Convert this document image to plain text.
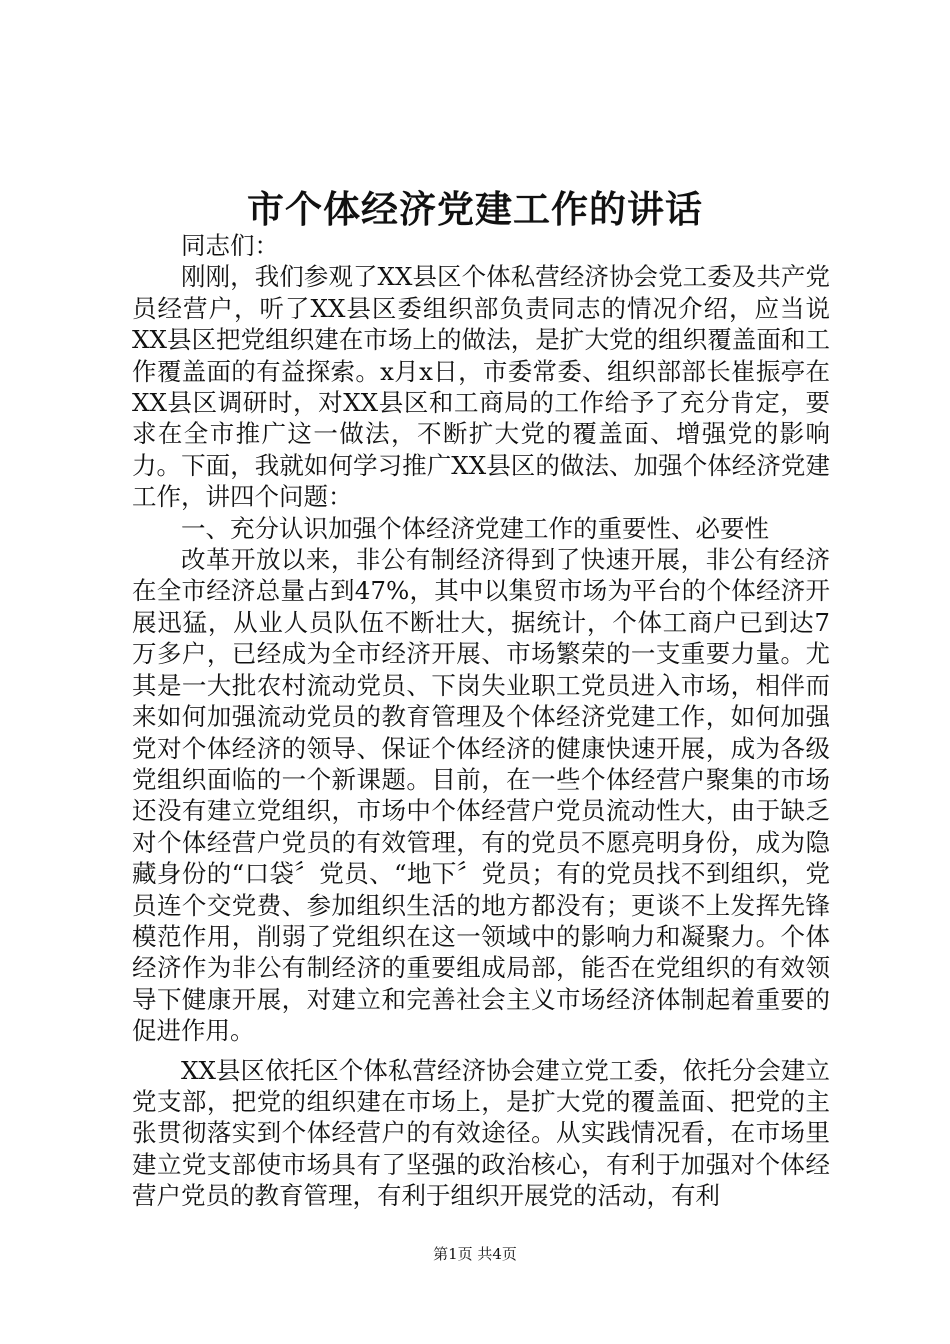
市个体经济党建工作的讲话

同志们：

刚刚，我们参观了XX县区个体私营经济协会党工委及共产党员经营户，听了XX县区委组织部负责同志的情况介绍，应当说XX县区把党组织建在市场上的做法，是扩大党的组织覆盖面和工作覆盖面的有益探索。x月x日，市委常委、组织部部长崔振亭在XX县区调研时，对XX县区和工商局的工作给予了充分肯定，要求在全市推广这一做法，不断扩大党的覆盖面、增强党的影响力。下面，我就如何学习推广XX县区的做法、加强个体经济党建工作，讲四个问题：

一、充分认识加强个体经济党建工作的重要性、必要性

改革开放以来，非公有制经济得到了快速开展，非公有经济在全市经济总量占到47%，其中以集贸市场为平台的个体经济开展迅猛，从业人员队伍不断壮大，据统计，个体工商户已到达7万多户，已经成为全市经济开展、市场繁荣的一支重要力量。尤其是一大批农村流动党员、下岗失业职工党员进入市场，相伴而来如何加强流动党员的教育管理及个体经济党建工作，如何加强党对个体经济的领导、保证个体经济的健康快速开展，成为各级党组织面临的一个新课题。目前，在一些个体经营户聚集的市场还没有建立党组织，市场中个体经营户党员流动性大，由于缺乏对个体经营户党员的有效管理，有的党员不愿亮明身份，成为隐藏身份的“口袋〞党员、“地下〞党员；有的党员找不到组织，党员连个交党费、参加组织生活的地方都没有；更谈不上发挥先锋模范作用，削弱了党组织在这一领域中的影响力和凝聚力。个体经济作为非公有制经济的重要组成局部，能否在党组织的有效领导下健康开展，对建立和完善社会主义市场经济体制起着重要的促进作用。

XX县区依托区个体私营经济协会建立党工委，依托分会建立党支部，把党的组织建在市场上，是扩大党的覆盖面、把党的主张贯彻落实到个体经营户的有效途径。从实践情况看，在市场里建立党支部使市场具有了坚强的政治核心，有利于加强对个体经营户党员的教育管理，有利于组织开展党的活动，有利

第1页 共4页
